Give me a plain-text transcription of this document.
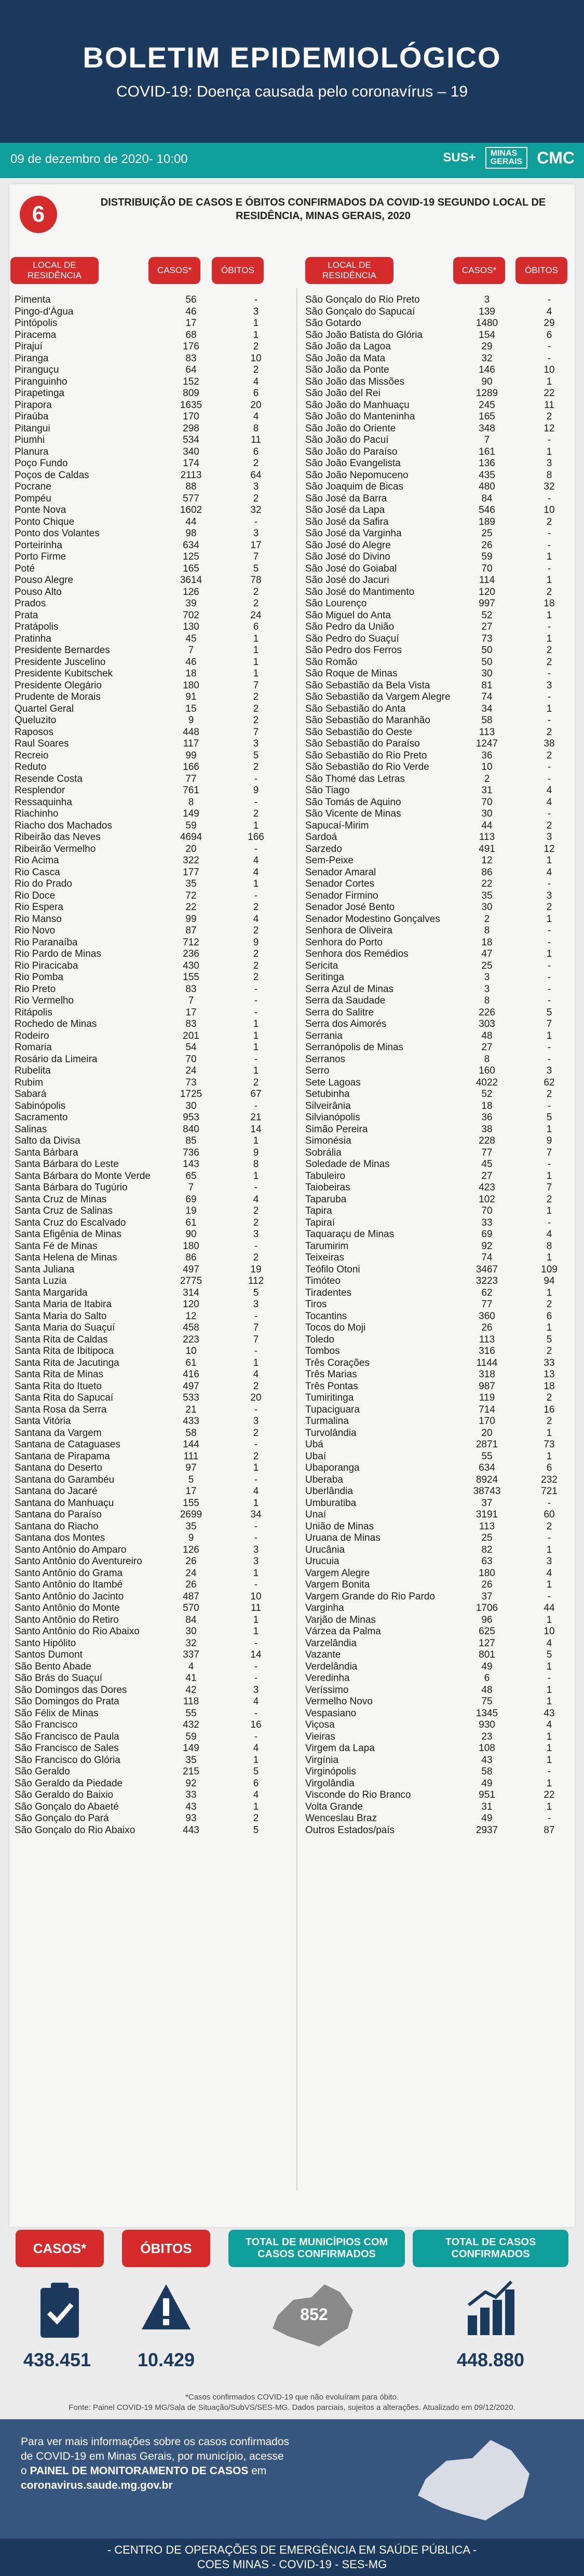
BOLETIM EPIDEMIOLÓGICO
COVID-19: Doença causada pelo coronavírus – 19
09 de dezembro de 2020- 10:00	SUS+	MINAS
GERAIS CMC
6	DISTRIBUIÇÃO DE CASOS E ÓBITOS CONFIRMADOS DA COVID-19 SEGUNDO LOCAL DE RESIDÊNCIA, MINAS GERAIS, 2020
LOCAL DE RESIDÊNCIA
CASOS*	ÓBITOS
LOCAL DE RESIDÊNCIA
CASOS*	ÓBITOS
Pimenta	56	-
Pingo-d'Água	46	3
Pintópolis	17	1
Piracema	68	1
Pirajuí	176	2
Piranga	83	10
Piranguçu	64	2
Piranguinho	152	4
Pirapetinga	809	6
Pirapora	1635	20
Piraúba	170	4
Pitangui	298	8
Piumhi	534	11
Planura	340	6
Poço Fundo	174	2
Poços de Caldas	2113	64
Pocrane	88	3
Pompéu	577	2
Ponte Nova	1602	32
Ponto Chique	44	-
Ponto dos Volantes	98	3
Porteirinha	634	17
Porto Firme	125	7
Poté	165	5
Pouso Alegre	3614	78
Pouso Alto	126	2
Prados	39	2
Prata	702	24
Pratápolis	130	6
Pratinha	45	1
Presidente Bernardes	7	1
Presidente Juscelino	46	1
Presidente Kubitschek	18	1
Presidente Olegário	180	7
Prudente de Morais	91	2
Quartel Geral	15	2
Queluzito	9	2
Raposos	448	7
Raul Soares	117	3
Recreio	99	5
Reduto	166	2
Resende Costa	77	-
Resplendor	761	9
Ressaquinha	8	-
Riachinho	149	2
Riacho dos Machados	59	1
Ribeirão das Neves	4694	166
Ribeirão Vermelho	20	-
Rio Acima	322	4
Rio Casca	177	4
Rio do Prado	35	1
Rio Doce	72	-
Rio Espera	22	2
Rio Manso	99	4
Rio Novo	87	2
Rio Paranaíba	712	9
Rio Pardo de Minas	236	2
Rio Piracicaba	430	2
Rio Pomba	155	2
Rio Preto	83	-
Rio Vermelho	7	-
Ritápolis	17	-
Rochedo de Minas	83	1
Rodeiro	201	1
Romaria	54	1
Rosário da Limeira	70	-
Rubelita	24	1
Rubim	73	2
Sabará	1725	67
Sabinópolis	30	-
Sacramento	953	21
Salinas	840	14
Salto da Divisa	85	1
Santa Bárbara	736	9
Santa Bárbara do Leste	143	8
Santa Bárbara do Monte Verde	65	1
Santa Bárbara do Tugúrio	7	-
Santa Cruz de Minas	69	4
Santa Cruz de Salinas	19	2
Santa Cruz do Escalvado	61	2
Santa Efigênia de Minas	90	3
Santa Fé de Minas	180	-
Santa Helena de Minas	86	2
Santa Juliana	497	19
Santa Luzia	2775	112
Santa Margarida	314	5
Santa Maria de Itabira	120	3
Santa Maria do Salto	12	-
Santa Maria do Suaçuí	458	7
Santa Rita de Caldas	223	7
Santa Rita de Ibitipoca	10	-
Santa Rita de Jacutinga	61	1
Santa Rita de Minas	416	4
Santa Rita do Itueto	497	2
Santa Rita do Sapucaí	533	20
Santa Rosa da Serra	21	-
Santa Vitória	433	3
Santana da Vargem	58	2
Santana de Cataguases	144	-
Santana de Pirapama	111	2
Santana do Deserto	97	1
Santana do Garambéu	5	-
Santana do Jacaré	17	4
Santana do Manhuaçu	155	1
Santana do Paraíso	2699	34
Santana do Riacho	35	-
Santana dos Montes	9	-
Santo Antônio do Amparo	126	3
Santo Antônio do Aventureiro	26	3
Santo Antônio do Grama	24	1
Santo Antônio do Itambé	26	-
Santo Antônio do Jacinto	487	10
Santo Antônio do Monte	570	11
Santo Antônio do Retiro	84	1
Santo Antônio do Rio Abaixo	30	1
Santo Hipólito	32	-
Santos Dumont	337	14
São Bento Abade	4	-
São Brás do Suaçuí	41	-
São Domingos das Dores	42	3
São Domingos do Prata	118	4
São Félix de Minas	55	-
São Francisco	432	16
São Francisco de Paula	59	-
São Francisco de Sales	149	4
São Francisco do Glória	35	1
São Geraldo	215	5
São Geraldo da Piedade	92	6
São Geraldo do Baixio	33	4
São Gonçalo do Abaeté	43	1
São Gonçalo do Pará	93	2
São Gonçalo do Rio Abaixo	443	5
São Gonçalo do Rio Preto	3	-
São Gonçalo do Sapucaí	139	4
São Gotardo	1480	29
São João Batista do Glória	154	6
São João da Lagoa	29	-
São João da Mata	32	-
São João da Ponte	146	10
São João das Missões	90	1
São João del Rei	1289	22
São João do Manhuaçu	245	11
São João do Manteninha	165	2
São João do Oriente	348	12
São João do Pacuí	7	-
São João do Paraíso	161	1
São João Evangelista	136	3
São João Nepomuceno	435	8
São Joaquim de Bicas	480	32
São José da Barra	84	-
São José da Lapa	546	10
São José da Safira	189	2
São José da Varginha	25	-
São José do Alegre	26	-
São José do Divino	59	1
São José do Goiabal	70	-
São José do Jacuri	114	1
São José do Mantimento	120	2
São Lourenço	997	18
São Miguel do Anta	52	1
São Pedro da União	27	-
São Pedro do Suaçuí	73	1
São Pedro dos Ferros	50	2
São Romão	50	2
São Roque de Minas	30	-
São Sebastião da Bela Vista	81	3
São Sebastião da Vargem Alegre	74	-
São Sebastião do Anta	34	1
São Sebastião do Maranhão	58	-
São Sebastião do Oeste	113	2
São Sebastião do Paraíso	1247	38
São Sebastião do Rio Preto	36	2
São Sebastião do Rio Verde	10	-
São Thomé das Letras	2	-
São Tiago	31	4
São Tomás de Aquino	70	4
São Vicente de Minas	30	-
Sapucaí-Mirim	44	2
Sardoá	113	3
Sarzedo	491	12
Sem-Peixe	12	1
Senador Amaral	86	4
Senador Cortes	22	-
Senador Firmino	35	3
Senador José Bento	30	2
Senador Modestino Gonçalves	2	1
Senhora de Oliveira	8	-
Senhora do Porto	18	-
Senhora dos Remédios	47	1
Sericita	25	-
Seritinga	3	-
Serra Azul de Minas	3	-
Serra da Saudade	8	-
Serra do Salitre	226	5
Serra dos Aimorés	303	7
Serrania	48	1
Serranópolis de Minas	27	-
Serranos	8	-
Serro	160	3
Sete Lagoas	4022	62
Setubinha	52	2
Silveirânia	18	-
Silvianópolis	36	5
Simão Pereira	38	1
Simonésia	228	9
Sobrália	77	7
Soledade de Minas	45	-
Tabuleiro	27	1
Taiobeiras	423	7
Taparuba	102	2
Tapira	70	1
Tapiraí	33	-
Taquaraçu de Minas	69	4
Tarumirim	92	8
Teixeiras	74	1
Teófilo Otoni	3467	109
Timóteo	3223	94
Tiradentes	62	1
Tiros	77	2
Tocantins	360	6
Tocos do Moji	26	1
Toledo	113	5
Tombos	316	2
Três Corações	1144	33
Três Marias	318	13
Três Pontas	987	18
Tumiritinga	119	2
Tupaciguara	714	16
Turmalina	170	2
Turvolândia	20	1
Ubá	2871	73
Ubaí	55	1
Ubaporanga	634	6
Uberaba	8924	232
Uberlândia	38743	721
Umburatiba	37	-
Unaí	3191	60
União de Minas	113	2
Uruana de Minas	25	-
Urucânia	82	1
Urucuia	63	3
Vargem Alegre	180	4
Vargem Bonita	26	1
Vargem Grande do Rio Pardo	37	-
Varginha	1706	44
Varjão de Minas	96	1
Várzea da Palma	625	10
Varzelândia	127	4
Vazante	801	5
Verdelândia	49	1
Veredinha	6	-
Veríssimo	48	1
Vermelho Novo	75	1
Vespasiano	1345	43
Viçosa	930	4
Vieiras	23	1
Virgem da Lapa	108	1
Virgínia	43	1
Virginópolis	58	-
Virgolândia	49	1
Visconde do Rio Branco	951	22
Volta Grande	31	1
Wenceslau Braz	49	-
Outros Estados/país	2937	87
CASOS*	ÓBITOS	TOTAL DE MUNICÍPIOS COM CASOS CONFIRMADOS
TOTAL DE CASOS CONFIRMADOS
852
438.451	10.429	448.880
*Casos confirmados COVID-19 que não evoluíram para óbito.
Fonte: Painel COVID-19 MG/Sala de Situação/SubVS/SES-MG. Dados parciais, sujeitos a alterações. Atualizado em 09/12/2020.
Para ver mais informações sobre os casos confirmados de COVID-19 em Minas Gerais, por município, acesse o PAINEL DE MONITORAMENTO DE CASOS em coronavirus.saude.mg.gov.br
- CENTRO DE OPERAÇÕES DE EMERGÊNCIA EM SAÚDE PÚBLICA -
COES MINAS - COVID-19 - SES-MG
